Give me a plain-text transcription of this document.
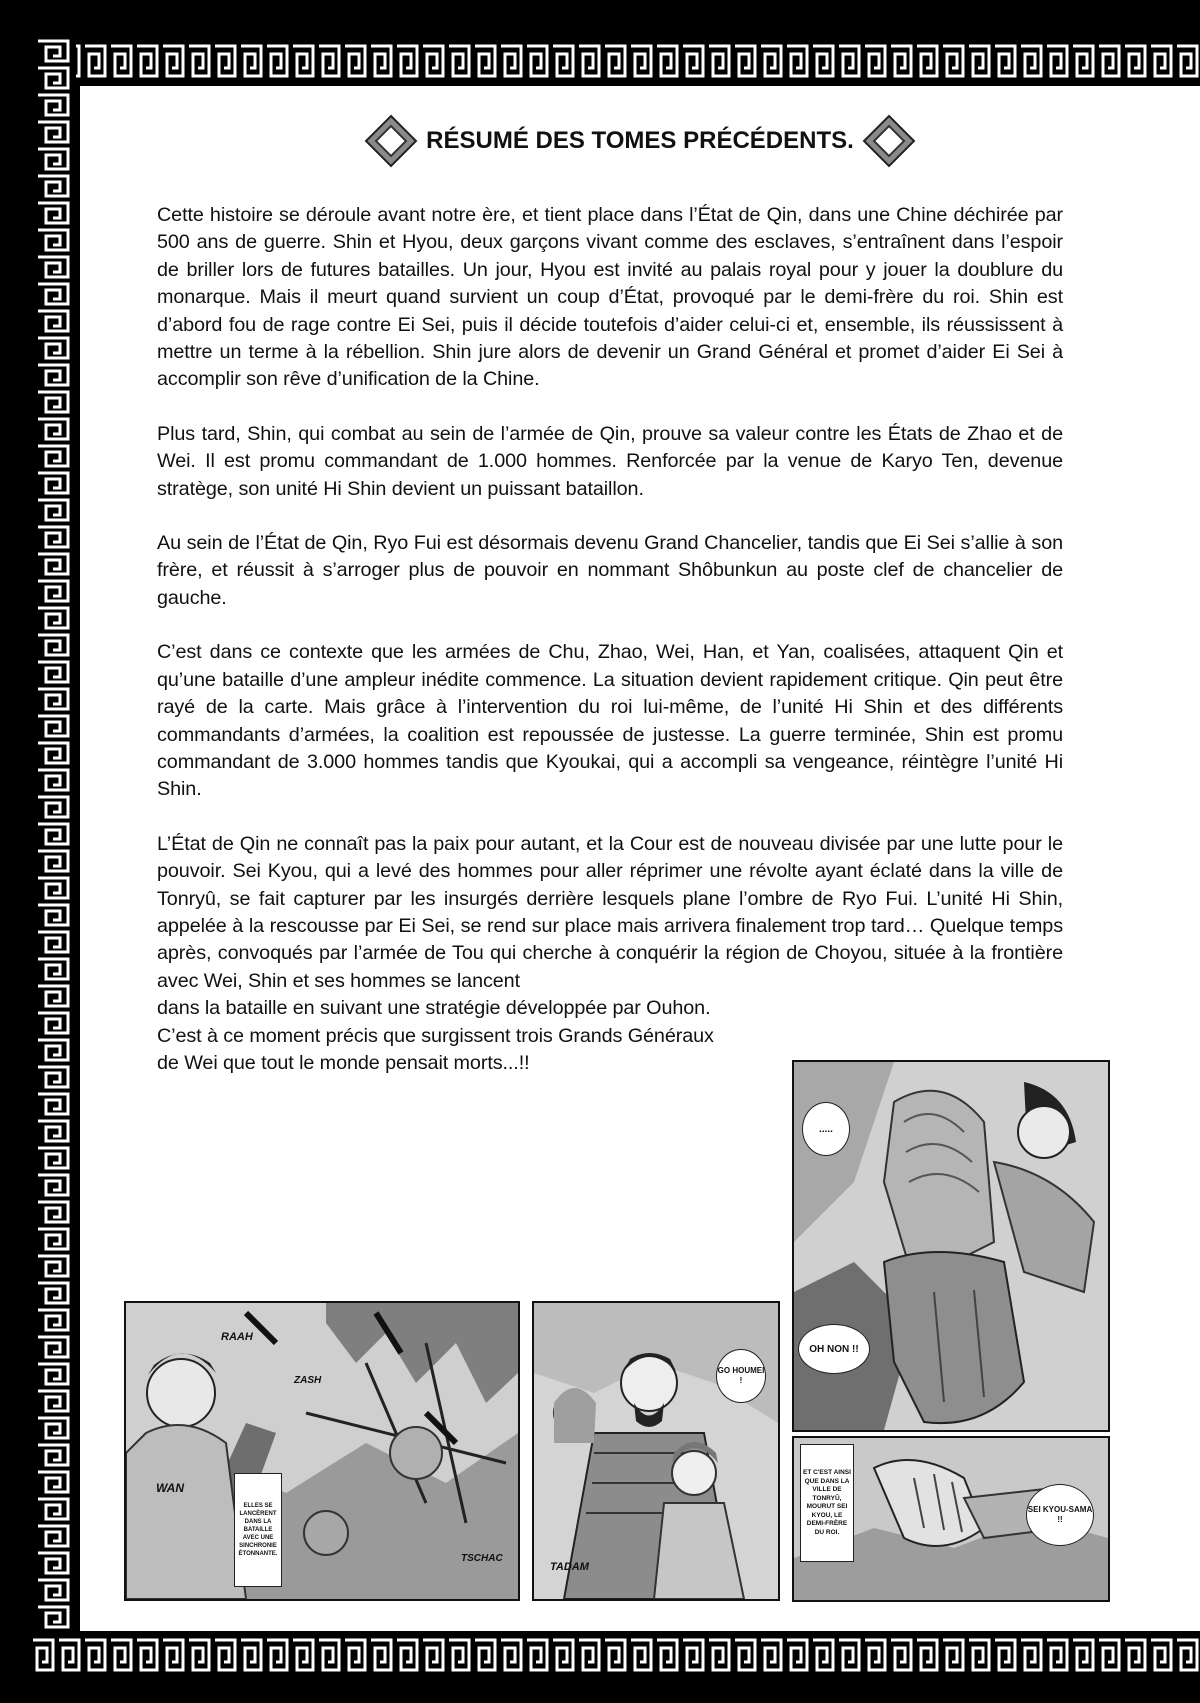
RÉSUMÉ DES TOMES PRÉCÉDENTS.

Cette histoire se déroule avant notre ère, et tient place dans l’État de Qin, dans une Chine déchirée par 500 ans de guerre. Shin et Hyou, deux garçons vivant comme des esclaves, s’entraînent dans l’espoir de briller lors de futures batailles. Un jour, Hyou est invité au palais royal pour y jouer la doublure du monarque. Mais il meurt quand survient un coup d’État, provoqué par le demi-frère du roi. Shin est d’abord fou de rage contre Ei Sei, puis il décide toutefois d’aider celui-ci et, ensemble, ils réussissent à mettre un terme à la rébellion. Shin jure alors de devenir un Grand Général et promet d’aider Ei Sei à accomplir son rêve d’unification de la Chine.

Plus tard, Shin, qui combat au sein de l’armée de Qin, prouve sa valeur contre les États de Zhao et de Wei. Il est promu commandant de 1.000 hommes. Renforcée par la venue de Karyo Ten, devenue stratège, son unité Hi Shin devient un puissant bataillon.

Au sein de l’État de Qin, Ryo Fui est désormais devenu Grand Chancelier, tandis que Ei Sei s’allie à son frère, et réussit à s’arroger plus de pouvoir en nommant Shôbunkun au poste clef de chancelier de gauche.

C’est dans ce contexte que les armées de Chu, Zhao, Wei, Han, et Yan, coalisées, attaquent Qin et qu’une bataille d’une ampleur inédite commence. La situation devient rapidement critique. Qin peut être rayé de la carte. Mais grâce à l’intervention du roi lui-même, de l’unité Hi Shin et des différents commandants d’armées, la coalition est repoussée de justesse. La guerre terminée, Shin est promu commandant de 3.000 hommes tandis que Kyoukai, qui a accompli sa vengeance, réintègre l’unité Hi Shin.

L’État de Qin ne connaît pas la paix pour autant, et la Cour est de nouveau divisée par une lutte pour le pouvoir. Sei Kyou, qui a levé des hommes pour aller réprimer une révolte ayant éclaté dans la ville de Tonryû, se fait capturer par les insurgés derrière lesquels plane l’ombre de Ryo Fui. L’unité Hi Shin, appelée à la rescousse par Ei Sei, se rend sur place mais arrivera finalement trop tard… Quelque temps après, convoqués par l’armée de Tou qui cherche à conquérir la région de Choyou, située à la frontière avec Wei, Shin et ses hommes se lancent
dans la bataille en suivant une stratégie développée par Ouhon.
C’est à ce moment précis que surgissent trois Grands Généraux
de Wei que tout le monde pensait morts...!!

RAAH
ZASH
WAN
TSCHAC
ELLES SE LANCÈRENT DANS LA BATAILLE AVEC UNE SINCHRONIE ÉTONNANTE.
GO HOUMEI !
TADAM
.....
OH NON !!
ET C'EST AINSI QUE DANS LA VILLE DE TONRYÛ, MOURUT SEI KYOU, LE DEMI-FRÈRE DU ROI.
SEI KYOU-SAMA !!
